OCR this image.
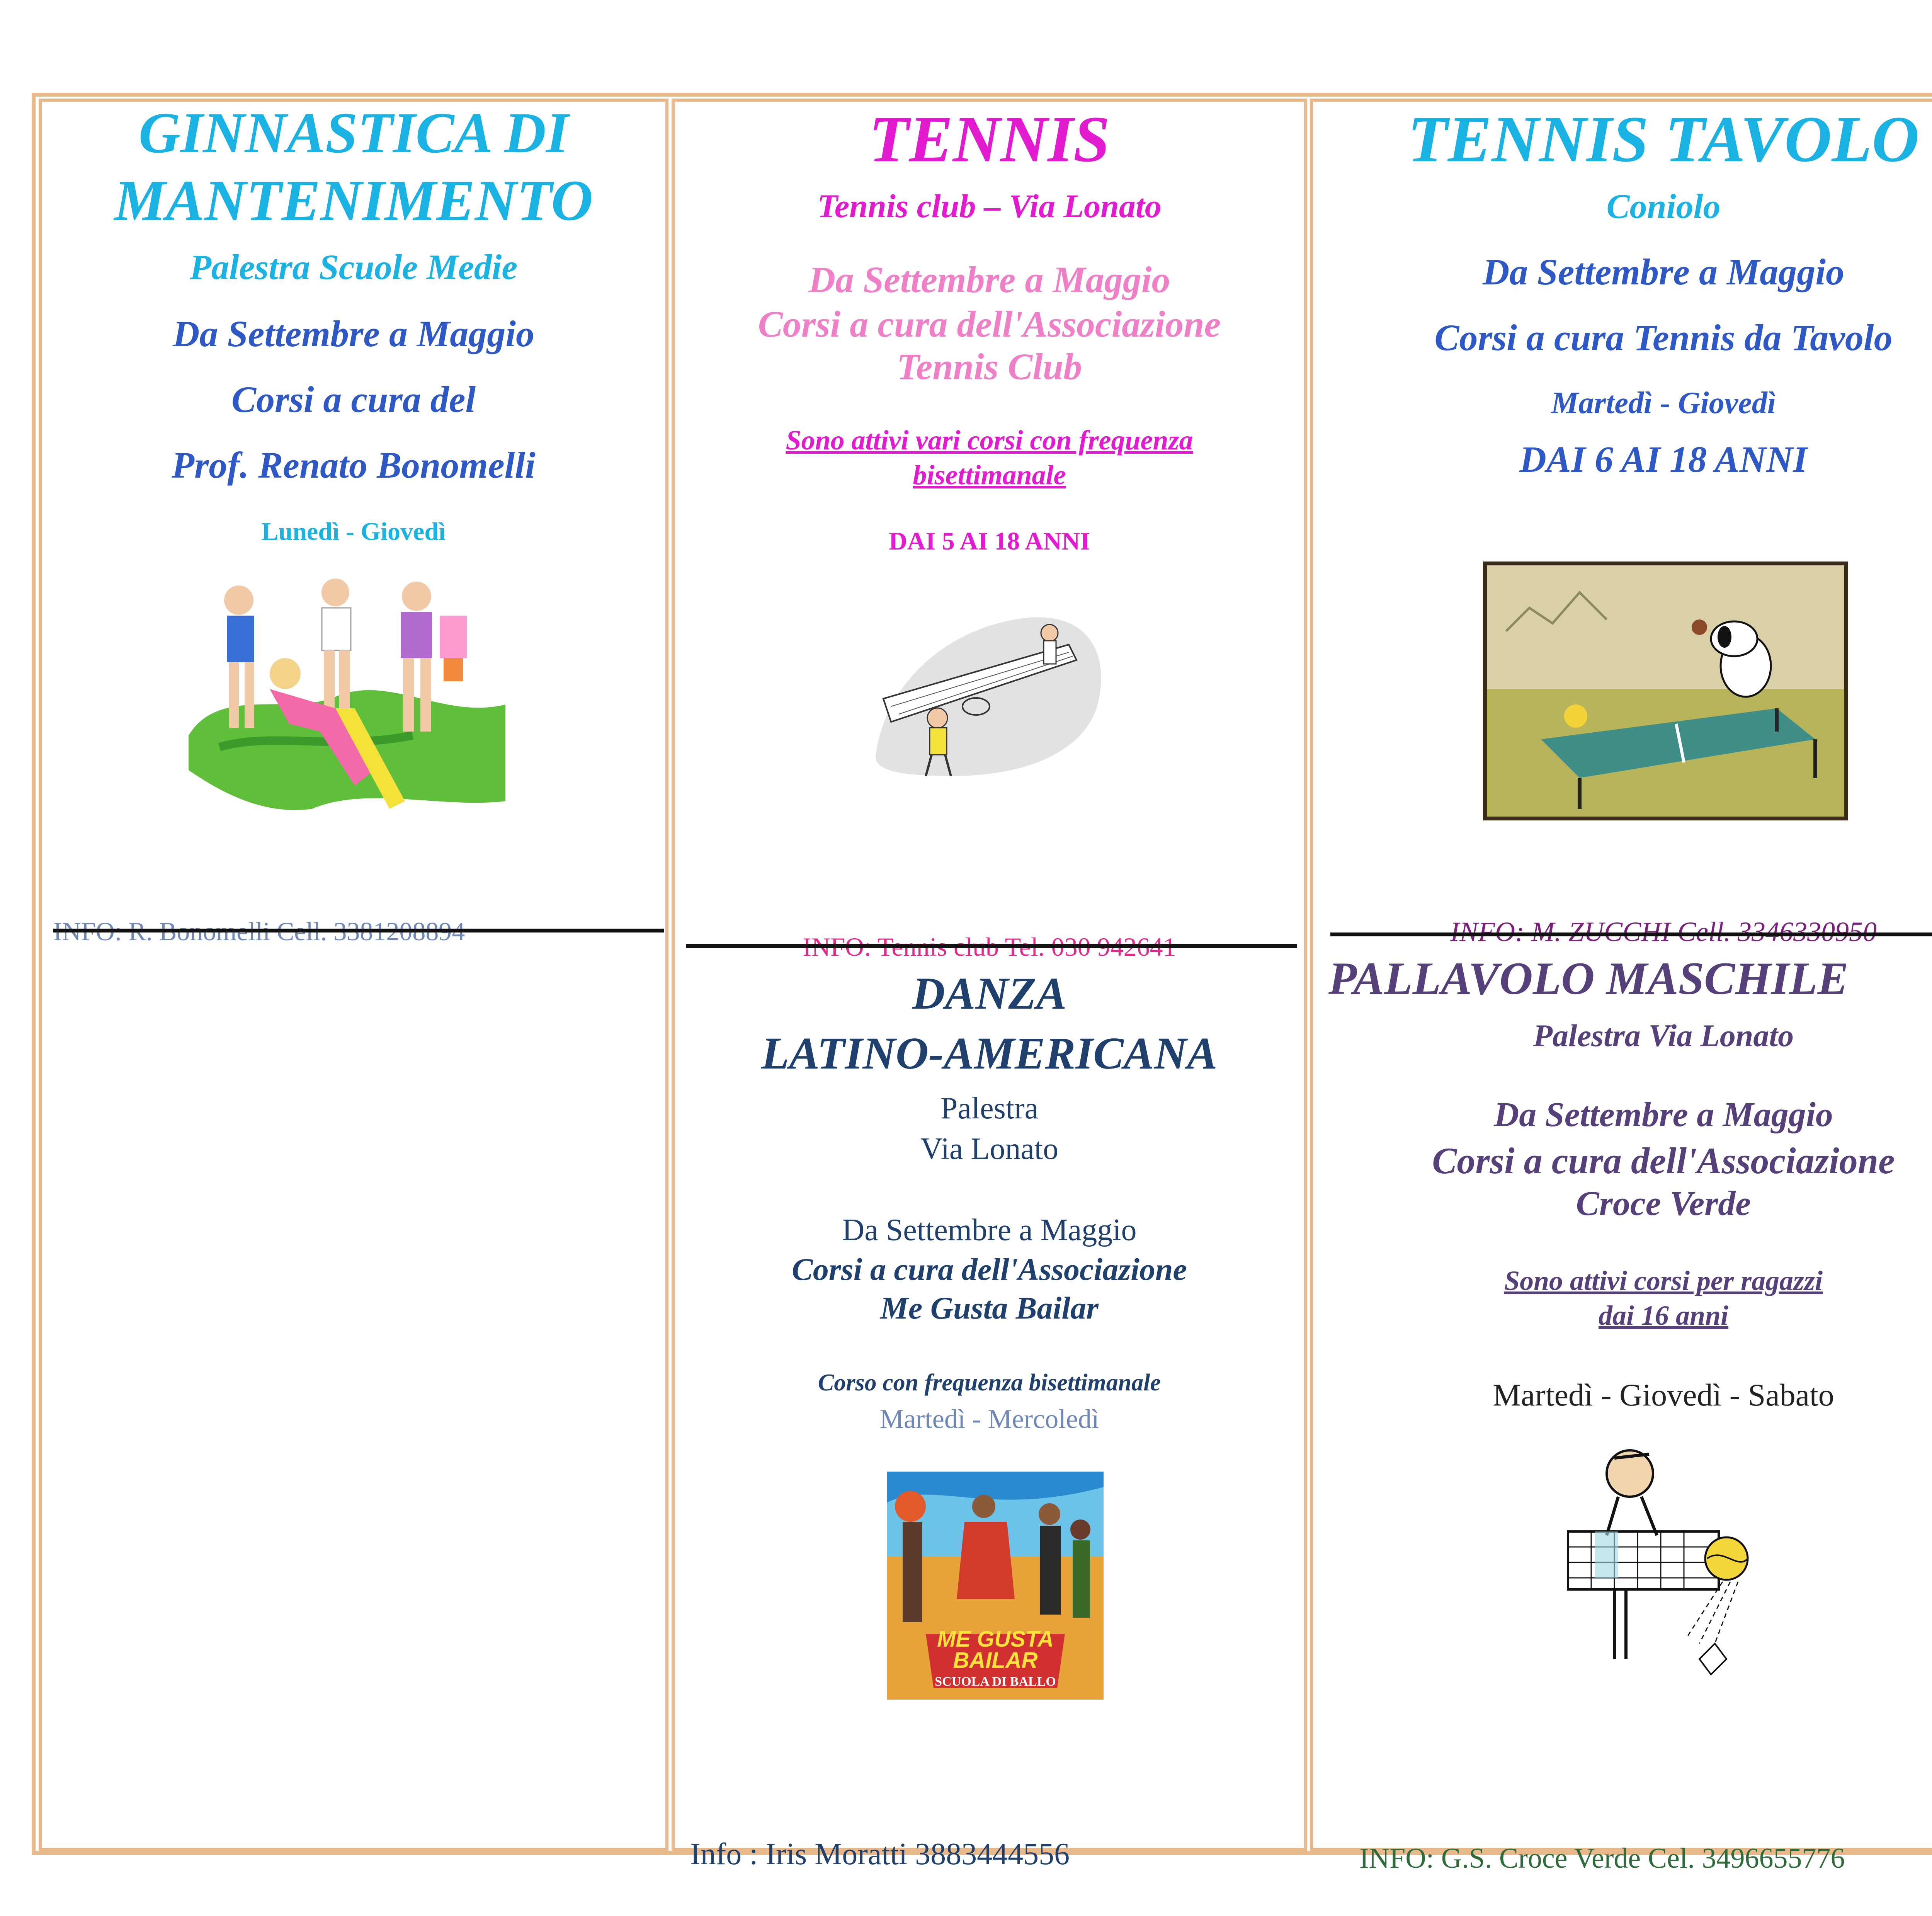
GINNASTICA DI

MANTENIMENTO

Palestra Scuole Medie

Da Settembre a Maggio

Corsi a cura del

Prof. Renato Bonomelli

Lunedì - Giovedì

INFO: R. Bonomelli Cell. 3381208894

TENNIS

Tennis club – Via Lonato

Da Settembre a Maggio

Corsi a cura dell'Associazione

Tennis Club

Sono attivi vari corsi con frequenza

bisettimanale

DAI 5 AI 18 ANNI

INFO: Tennis club Tel. 030 942641

DANZA

LATINO-AMERICANA

Palestra

Via Lonato

Da Settembre a Maggio

Corsi a cura dell'Associazione

Me Gusta Bailar

Corso con frequenza bisettimanale

Martedì - Mercoledì

ME GUSTA
BAILAR
SCUOLA DI BALLO

Info : Iris Moratti 3883444556

TENNIS TAVOLO

Coniolo

Da Settembre a Maggio

Corsi a cura Tennis da Tavolo

Martedì - Giovedì

DAI 6 AI 18 ANNI

INFO: M. ZUCCHI Cell. 3346330950

PALLAVOLO MASCHILE

Palestra Via Lonato

Da Settembre a Maggio

Corsi a cura dell'Associazione

Croce Verde

Sono attivi corsi per ragazzi

dai 16 anni

Martedì - Giovedì - Sabato

INFO: G.S. Croce Verde Cel. 3496655776
